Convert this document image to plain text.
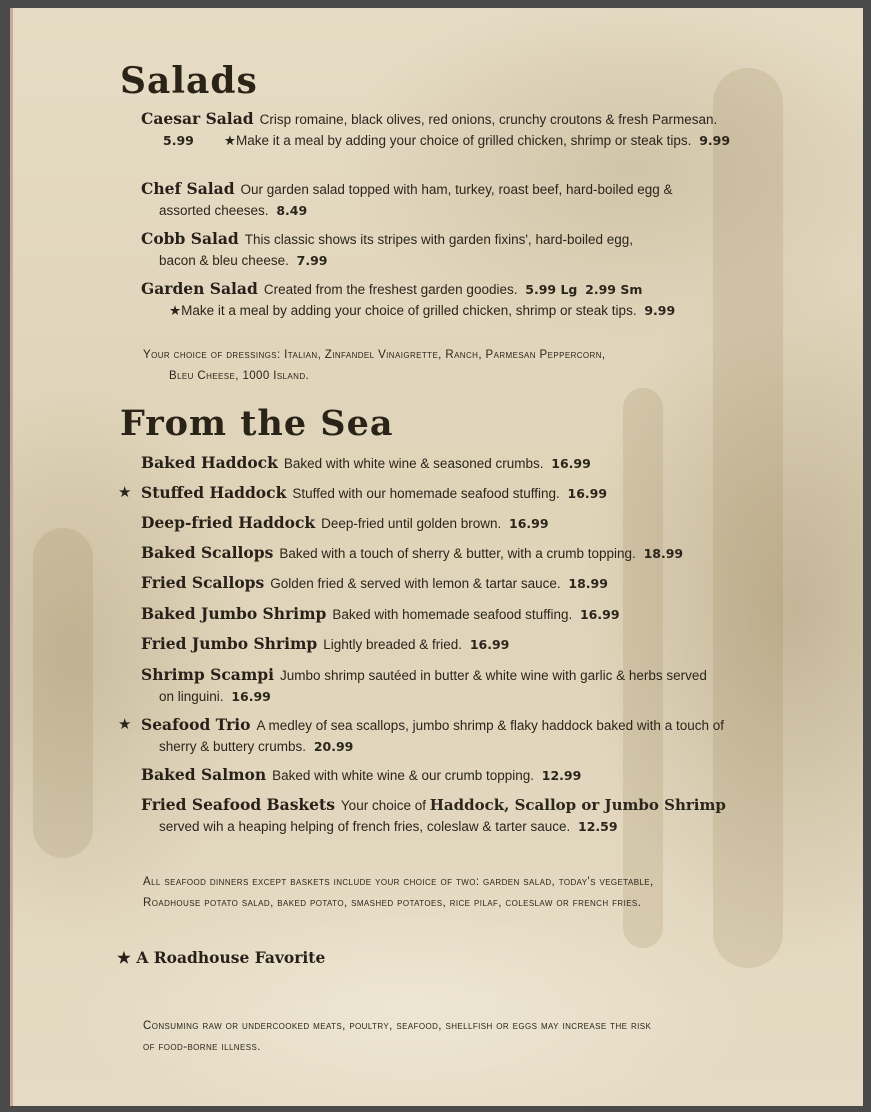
Salads
Caesar Salad Crisp romaine, black olives, red onions, crunchy croutons & fresh Parmesan.
5.99 ★Make it a meal by adding your choice of grilled chicken, shrimp or steak tips. 9.99
Chef Salad Our garden salad topped with ham, turkey, roast beef, hard-boiled egg &
assorted cheeses. 8.49
Cobb Salad This classic shows its stripes with garden fixins', hard-boiled egg,
bacon & bleu cheese. 7.99
Garden Salad Created from the freshest garden goodies. 5.99 Lg 2.99 Sm
★Make it a meal by adding your choice of grilled chicken, shrimp or steak tips. 9.99
Your choice of dressings: Italian, Zinfandel Vinaigrette, Ranch, Parmesan Peppercorn,
Bleu Cheese, 1000 Island.
From the Sea
Baked Haddock Baked with white wine & seasoned crumbs. 16.99
★ Stuffed Haddock Stuffed with our homemade seafood stuffing. 16.99
Deep-fried Haddock Deep-fried until golden brown. 16.99
Baked Scallops Baked with a touch of sherry & butter, with a crumb topping. 18.99
Fried Scallops Golden fried & served with lemon & tartar sauce. 18.99
Baked Jumbo Shrimp Baked with homemade seafood stuffing. 16.99
Fried Jumbo Shrimp Lightly breaded & fried. 16.99
Shrimp Scampi Jumbo shrimp sautéed in butter & white wine with garlic & herbs served
on linguini. 16.99
★ Seafood Trio A medley of sea scallops, jumbo shrimp & flaky haddock baked with a touch of
sherry & buttery crumbs. 20.99
Baked Salmon Baked with white wine & our crumb topping. 12.99
Fried Seafood Baskets Your choice of Haddock, Scallop or Jumbo Shrimp
served wih a heaping helping of french fries, coleslaw & tarter sauce. 12.59
All seafood dinners except baskets include your choice of two: garden salad, today's vegetable,
Roadhouse potato salad, baked potato, smashed potatoes, rice pilaf, coleslaw or french fries.
★ A Roadhouse Favorite
Consuming raw or undercooked meats, poultry, seafood, shellfish or eggs may increase the risk
of food-borne illness.
